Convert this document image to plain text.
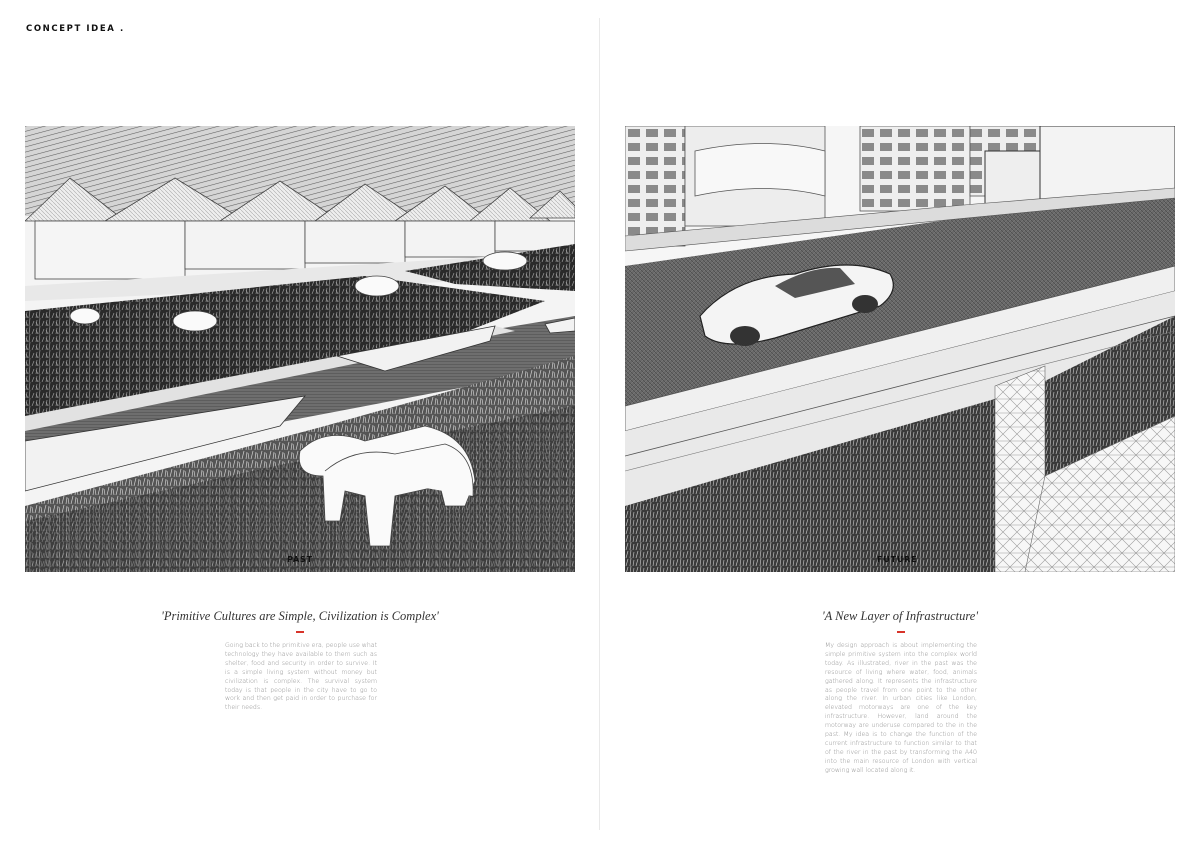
CONCEPT IDEA .
PAST	FUTURE
'Primitive Cultures are Simple, Civilization is Complex'
Going back to the primitive era, people use what technology they have available to them such as shelter, food and security in order to survive. It is a simple living system without money but civilization is complex. The survival system today is that people in the city have to go to work and then get paid in order to purchase for their needs.
'A New Layer of Infrastructure'
My design approach is about implementing the simple primitive system into the complex world today. As illustrated, river in the past was the resource of living where water, food, animals gathered along. It represents the infrastructure as people travel from one point to the other along the river. In urban cities like London, elevated motorways are one of the key infrastructure. However, land around the motorway are underuse compared to the in the past. My idea is to change the function of the current infrastructure to function similar to that of the river in the past by transforming the A40 into the main resource of London with vertical growing wall located along it.
